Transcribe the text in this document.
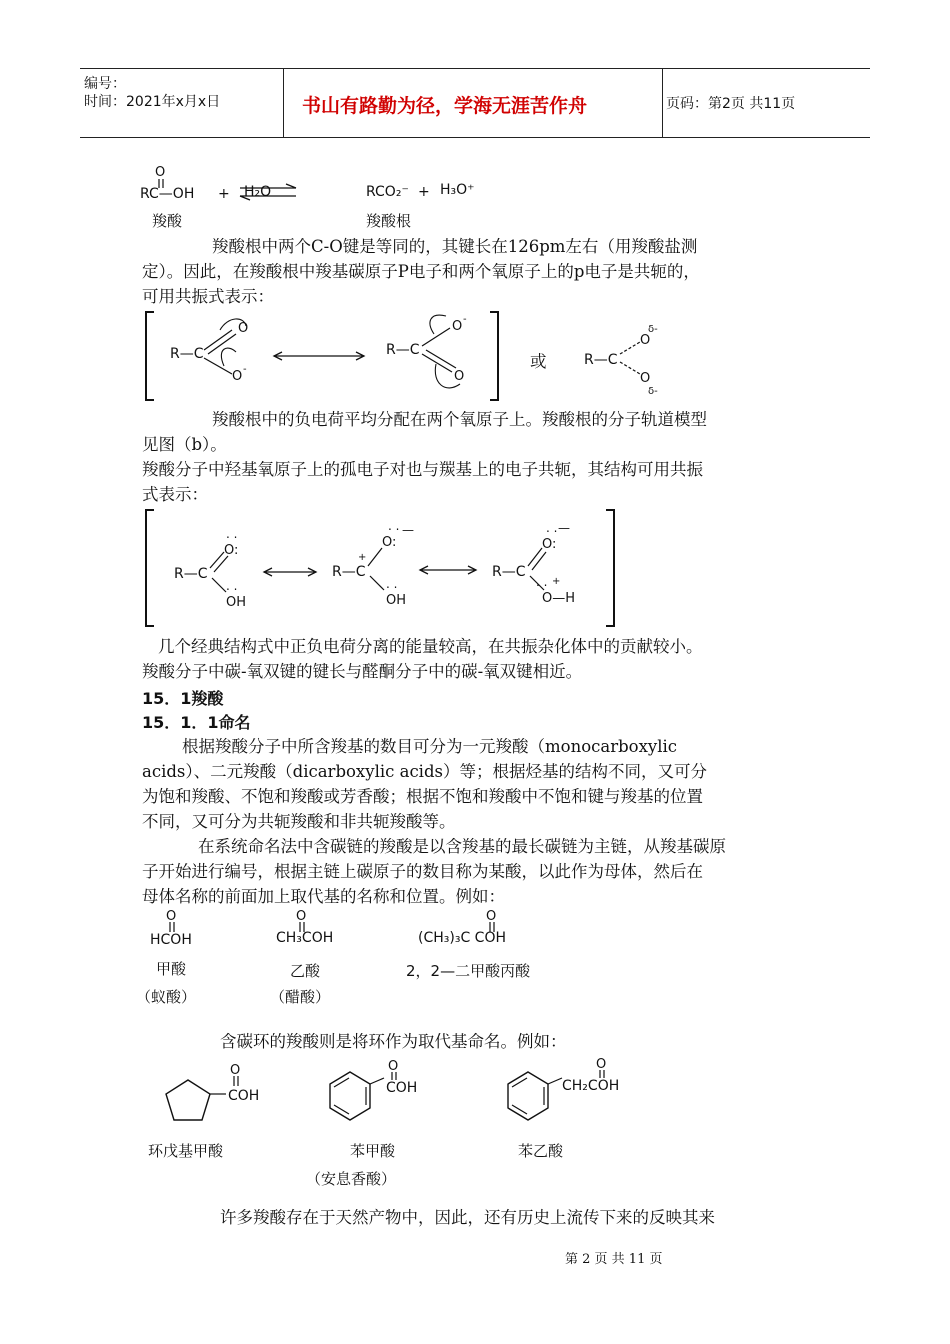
编号：
时间：2021年x月x日	书山有路勤为径，学海无涯苦作舟	页码：第2页 共11页
O
RC—OH + H₂O	RCO₂⁻ + H₃O⁺
羧酸	羧酸根
羧酸根中两个C-O键是等同的，其键长在126pm左右（用羧酸盐测
定）。因此，在羧酸根中羧基碳原子P电子和两个氧原子上的p电子是共轭的，
可用共振式表示：
R—C
O
O -
R—C
O -
O
R—C
O
δ-
O
δ-
或
羧酸根中的负电荷平均分配在两个氧原子上。羧酸根的分子轨道模型
见图（b）。
羧酸分子中羟基氧原子上的孤电子对也与羰基上的电子共轭，其结构可用共振
式表示：
R—C
O:
. .
. .
OH
R—C
+
O:
. . —
. .
OH
R—C
O:
. . —
. . +
O—H
几个经典结构式中正负电荷分离的能量较高，在共振杂化体中的贡献较小。
羧酸分子中碳-氧双键的键长与醛酮分子中的碳-氧双键相近。
15．1羧酸
15．1．1命名
根据羧酸分子中所含羧基的数目可分为一元羧酸（monocarboxylic
acids）、二元羧酸（dicarboxylic acids）等；根据烃基的结构不同，又可分
为饱和羧酸、不饱和羧酸或芳香酸；根据不饱和羧酸中不饱和键与羧基的位置
不同，又可分为共轭羧酸和非共轭羧酸等。
在系统命名法中含碳链的羧酸是以含羧基的最长碳链为主链，从羧基碳原
子开始进行编号，根据主链上碳原子的数目称为某酸，以此作为母体，然后在
母体名称的前面加上取代基的名称和位置。例如：
O
HCOH
甲酸
（蚁酸）
O
CH₃COH
乙酸
（醋酸）
O
(CH₃)₃C COH
2，2—二甲酸丙酸
含碳环的羧酸则是将环作为取代基命名。例如：
O
COH
环戊基甲酸
O
COH
苯甲酸
（安息香酸）
O
CH₂COH
苯乙酸
许多羧酸存在于天然产物中，因此，还有历史上流传下来的反映其来
第 2 页 共 11 页
